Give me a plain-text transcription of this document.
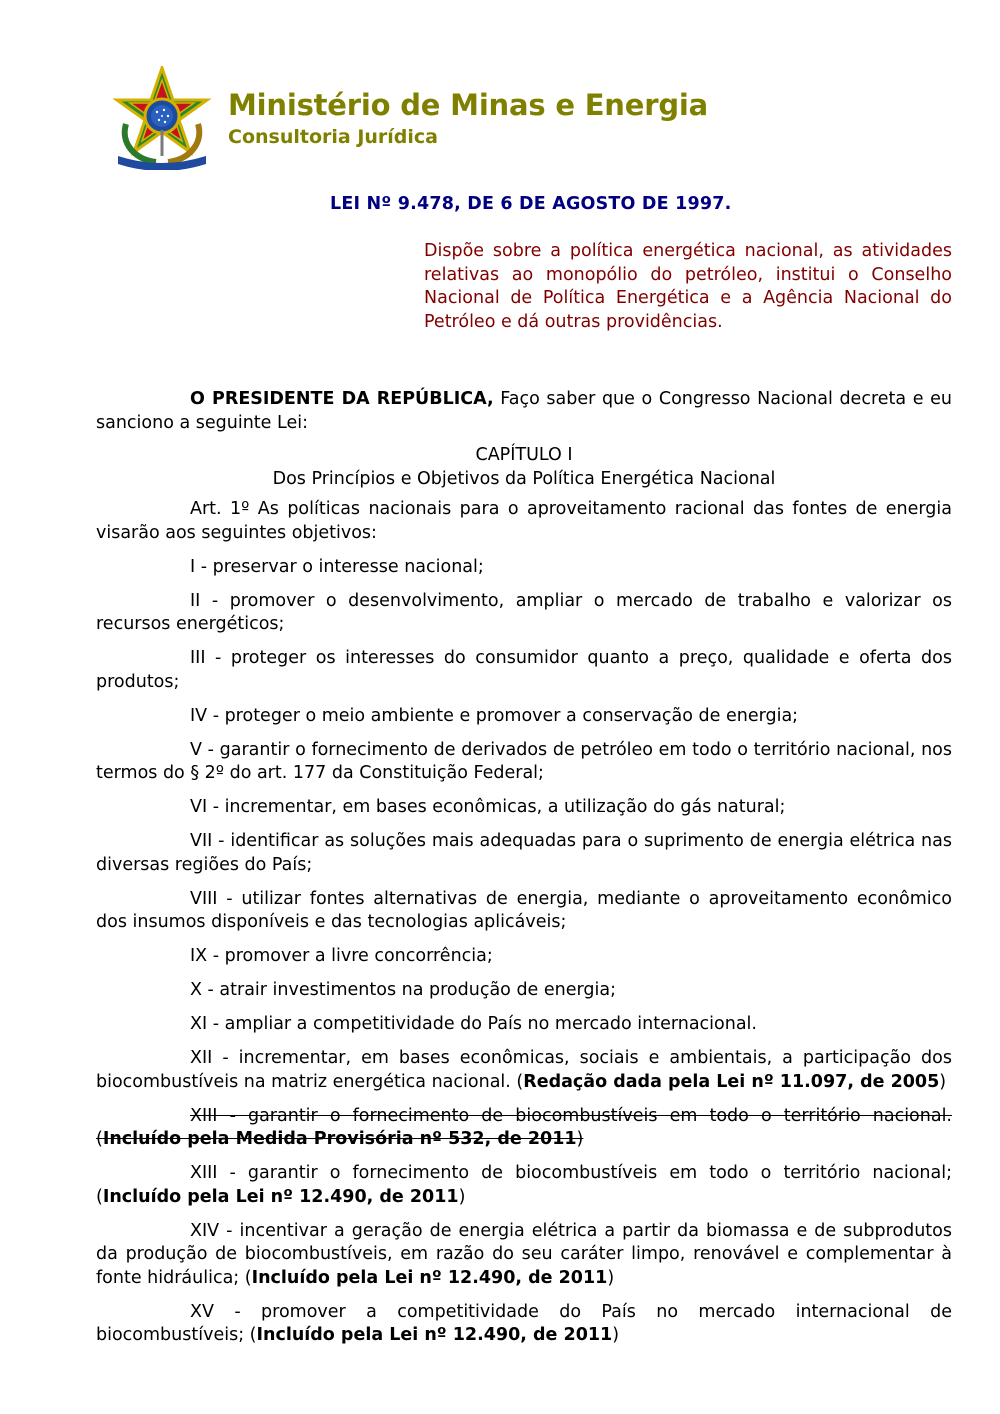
Ministério de Minas e Energia
Consultoria Jurídica
LEI Nº 9.478, DE 6 DE AGOSTO DE 1997.
Dispõe sobre a política energética nacional, as atividades relativas ao monopólio do petróleo, institui o Conselho Nacional de Política Energética e a Agência Nacional do Petróleo e dá outras providências.

O PRESIDENTE DA REPÚBLICA, Faço saber que o Congresso Nacional decreta e eu sanciono a seguinte Lei:

CAPÍTULO I

Dos Princípios e Objetivos da Política Energética Nacional

Art. 1º As políticas nacionais para o aproveitamento racional das fontes de energia visarão aos seguintes objetivos:

I - preservar o interesse nacional;

II - promover o desenvolvimento, ampliar o mercado de trabalho e valorizar os recursos energéticos;

III - proteger os interesses do consumidor quanto a preço, qualidade e oferta dos produtos;

IV - proteger o meio ambiente e promover a conservação de energia;

V - garantir o fornecimento de derivados de petróleo em todo o território nacional, nos termos do § 2º do art. 177 da Constituição Federal;

VI - incrementar, em bases econômicas, a utilização do gás natural;

VII - identificar as soluções mais adequadas para o suprimento de energia elétrica nas diversas regiões do País;

VIII - utilizar fontes alternativas de energia, mediante o aproveitamento econômico dos insumos disponíveis e das tecnologias aplicáveis;

IX - promover a livre concorrência;

X - atrair investimentos na produção de energia;

XI - ampliar a competitividade do País no mercado internacional.

XII - incrementar, em bases econômicas, sociais e ambientais, a participação dos biocombustíveis na matriz energética nacional. (Redação dada pela Lei nº 11.097, de 2005)

XIII - garantir o fornecimento de biocombustíveis em todo o território nacional. (Incluído pela Medida Provisória nº 532, de 2011)

XIII - garantir o fornecimento de biocombustíveis em todo o território nacional; (Incluído pela Lei nº 12.490, de 2011)

XIV - incentivar a geração de energia elétrica a partir da biomassa e de subprodutos da produção de biocombustíveis, em razão do seu caráter limpo, renovável e complementar à fonte hidráulica; (Incluído pela Lei nº 12.490, de 2011)

XV - promover a competitividade do País no mercado internacional de biocombustíveis; (Incluído pela Lei nº 12.490, de 2011)
